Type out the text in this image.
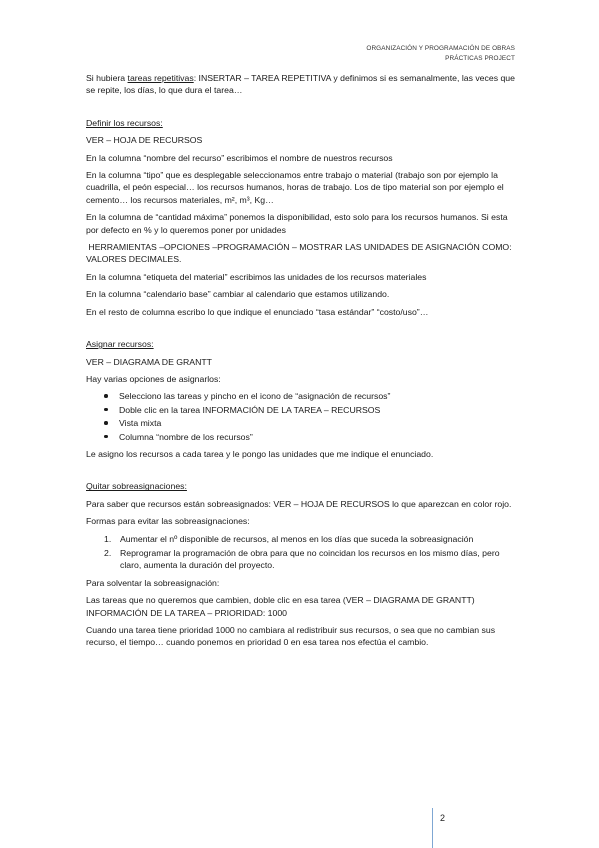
ORGANIZACIÓN Y PROGRAMACIÓN DE OBRAS
PRÁCTICAS PROJECT

Si hubiera tareas repetitivas: INSERTAR – TAREA REPETITIVA y definimos si es semanalmente, las veces que se repite, los días, lo que dura el tarea…

Definir los recursos:

VER – HOJA DE RECURSOS

En la columna “nombre del recurso” escribimos el nombre de nuestros recursos

En la columna “tipo” que es desplegable seleccionamos entre trabajo o material (trabajo son por ejemplo la cuadrilla, el peón especial… los recursos humanos, horas de trabajo. Los de tipo material son por ejemplo el cemento… los recursos materiales, m², m³, Kg…

En la columna de “cantidad máxima” ponemos la disponibilidad, esto solo para los recursos humanos. Si esta por defecto en % y lo queremos poner por unidades

HERRAMIENTAS –OPCIONES –PROGRAMACIÓN – MOSTRAR LAS UNIDADES DE ASIGNACIÓN COMO: VALORES DECIMALES.

En la columna “etiqueta del material” escribimos las unidades de los recursos materiales

En la columna “calendario base” cambiar al calendario que estamos utilizando.

En el resto de columna escribo lo que indique el enunciado “tasa estándar” “costo/uso”…

Asignar recursos:

VER – DIAGRAMA DE GRANTT

Hay varias opciones de asignarlos:

Selecciono las tareas y pincho en el icono de “asignación de recursos”
Doble clic en la tarea INFORMACIÓN DE LA TAREA – RECURSOS
Vista mixta
Columna “nombre de los recursos”

Le asigno los recursos a cada tarea y le pongo las unidades que me indique el enunciado.

Quitar sobreasignaciones:

Para saber que recursos están sobreasignados: VER – HOJA DE RECURSOS lo que aparezcan en color rojo.

Formas para evitar las sobreasignaciones:

1. Aumentar el nº disponible de recursos, al menos en los días que suceda la sobreasignación
2. Reprogramar la programación de obra para que no coincidan los recursos en los mismo días, pero claro, aumenta la duración del proyecto.

Para solventar la sobreasignación:

Las tareas que no queremos que cambien, doble clic en esa tarea (VER – DIAGRAMA DE GRANTT) INFORMACIÓN DE LA TAREA – PRIORIDAD: 1000

Cuando una tarea tiene prioridad 1000 no cambiara al redistribuir sus recursos, o sea que no cambian sus recurso, el tiempo… cuando ponemos en prioridad 0 en esa tarea nos efectúa el cambio.

2
